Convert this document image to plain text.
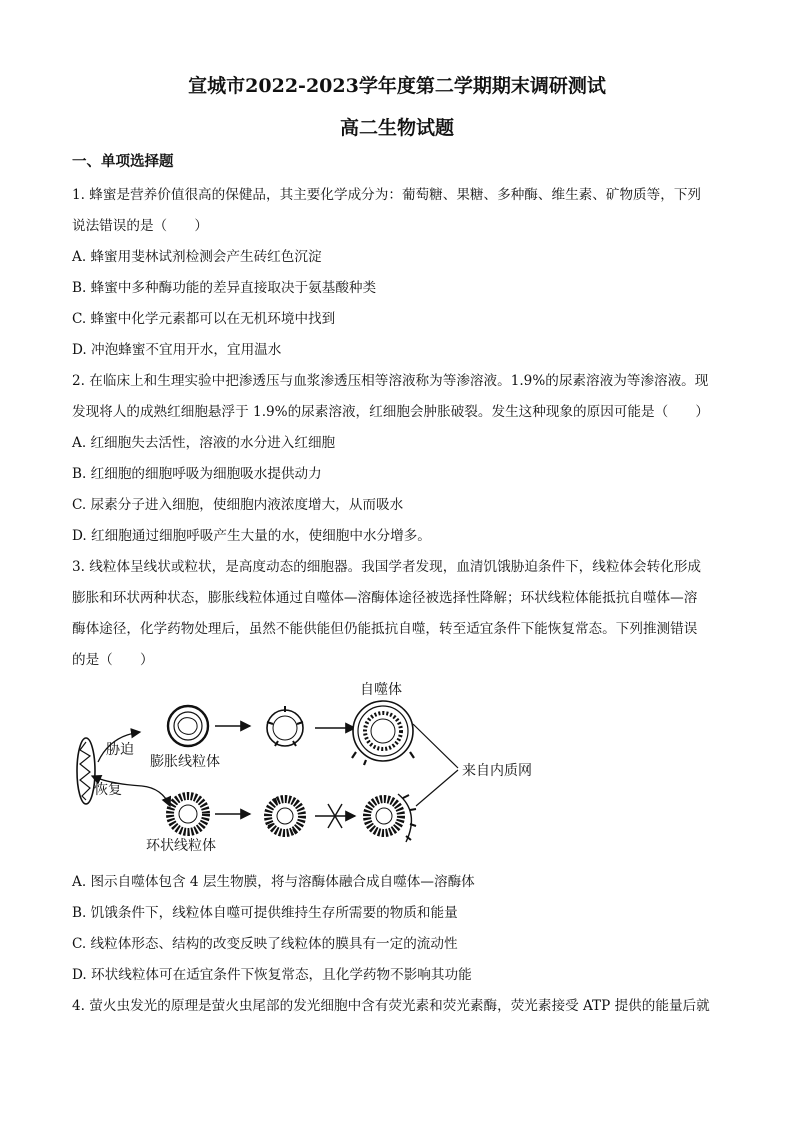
宣城市2022-2023学年度第二学期期末调研测试
高二生物试题
一、单项选择题
1. 蜂蜜是营养价值很高的保健品，其主要化学成分为：葡萄糖、果糖、多种酶、维生素、矿物质等，下列
说法错误的是（　　）
A. 蜂蜜用斐林试剂检测会产生砖红色沉淀
B. 蜂蜜中多种酶功能的差异直接取决于氨基酸种类
C. 蜂蜜中化学元素都可以在无机环境中找到
D. 冲泡蜂蜜不宜用开水，宜用温水
2. 在临床上和生理实验中把渗透压与血浆渗透压相等溶液称为等渗溶液。1.9%的尿素溶液为等渗溶液。现
发现将人的成熟红细胞悬浮于 1.9%的尿素溶液，红细胞会肿胀破裂。发生这种现象的原因可能是（　　）
A. 红细胞失去活性，溶液的水分进入红细胞
B. 红细胞的细胞呼吸为细胞吸水提供动力
C. 尿素分子进入细胞，使细胞内液浓度增大，从而吸水
D. 红细胞通过细胞呼吸产生大量的水，使细胞中水分增多。
3. 线粒体呈线状或粒状，是高度动态的细胞器。我国学者发现，血清饥饿胁迫条件下，线粒体会转化形成
膨胀和环状两种状态，膨胀线粒体通过自噬体—溶酶体途径被选择性降解；环状线粒体能抵抗自噬体—溶
酶体途径，化学药物处理后，虽然不能供能但仍能抵抗自噬，转至适宜条件下能恢复常态。下列推测错误
的是（　　）
胁迫
恢复
膨胀线粒体
自噬体
来自内质网
环状线粒体
A. 图示自噬体包含 4 层生物膜，将与溶酶体融合成自噬体—溶酶体
B. 饥饿条件下，线粒体自噬可提供维持生存所需要的物质和能量
C. 线粒体形态、结构的改变反映了线粒体的膜具有一定的流动性
D. 环状线粒体可在适宜条件下恢复常态，且化学药物不影响其功能
4. 萤火虫发光的原理是萤火虫尾部的发光细胞中含有荧光素和荧光素酶，荧光素接受 ATP 提供的能量后就
